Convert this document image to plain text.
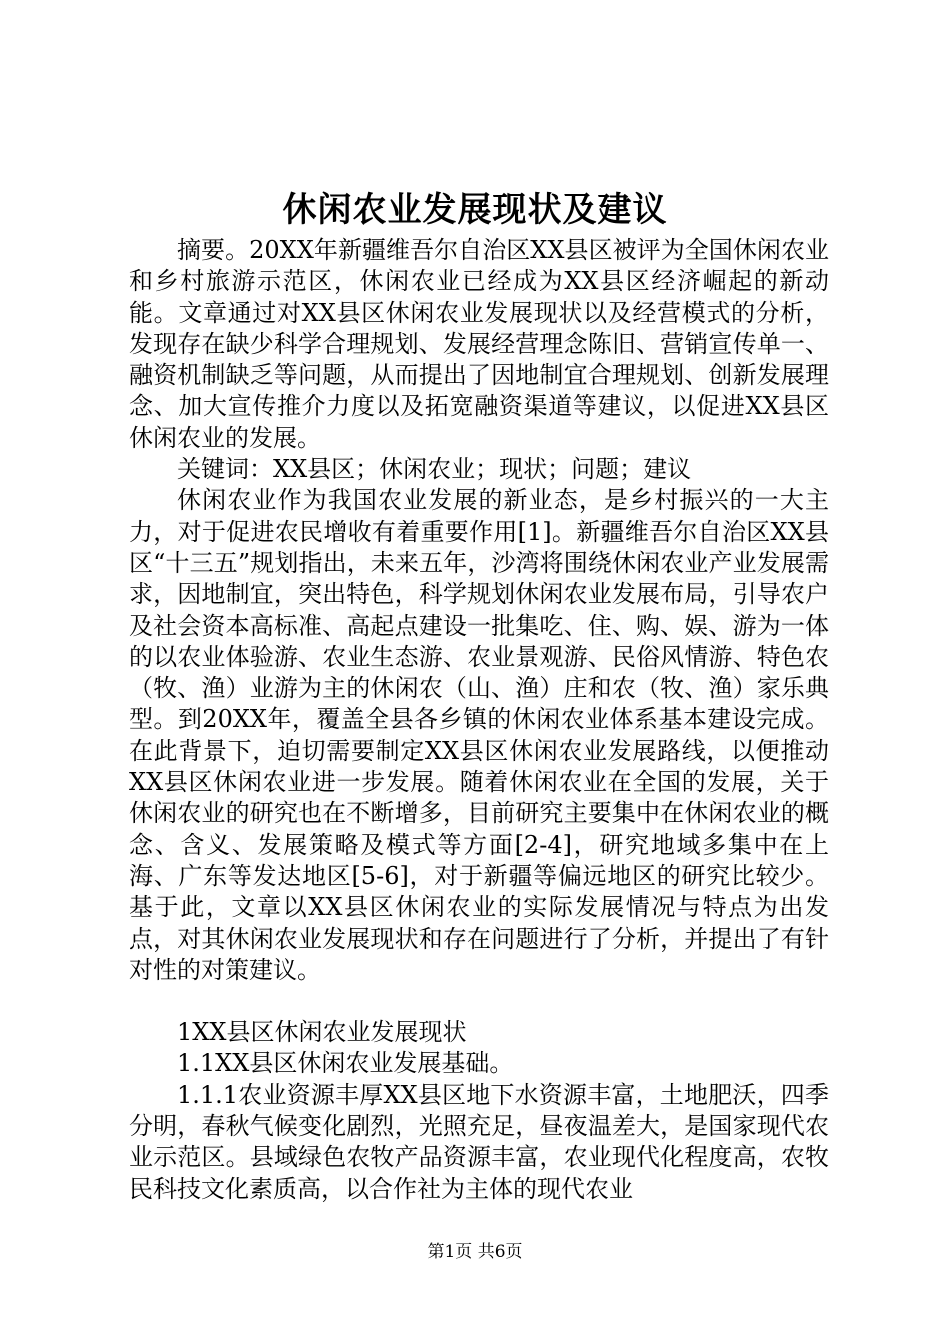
休闲农业发展现状及建议

摘要。20XX年新疆维吾尔自治区XX县区被评为全国休闲农业和乡村旅游示范区，休闲农业已经成为XX县区经济崛起的新动能。文章通过对XX县区休闲农业发展现状以及经营模式的分析，发现存在缺少科学合理规划、发展经营理念陈旧、营销宣传单一、融资机制缺乏等问题，从而提出了因地制宜合理规划、创新发展理念、加大宣传推介力度以及拓宽融资渠道等建议，以促进XX县区休闲农业的发展。

关键词：XX县区；休闲农业；现状；问题；建议

休闲农业作为我国农业发展的新业态，是乡村振兴的一大主力，对于促进农民增收有着重要作用[1]。新疆维吾尔自治区XX县区“十三五”规划指出，未来五年，沙湾将围绕休闲农业产业发展需求，因地制宜，突出特色，科学规划休闲农业发展布局，引导农户及社会资本高标准、高起点建设一批集吃、住、购、娱、游为一体的以农业体验游、农业生态游、农业景观游、民俗风情游、特色农（牧、渔）业游为主的休闲农（山、渔）庄和农（牧、渔）家乐典型。到20XX年，覆盖全县各乡镇的休闲农业体系基本建设完成。在此背景下，迫切需要制定XX县区休闲农业发展路线，以便推动XX县区休闲农业进一步发展。随着休闲农业在全国的发展，关于休闲农业的研究也在不断增多，目前研究主要集中在休闲农业的概念、含义、发展策略及模式等方面[2-4]，研究地域多集中在上海、广东等发达地区[5-6]，对于新疆等偏远地区的研究比较少。基于此，文章以XX县区休闲农业的实际发展情况与特点为出发点，对其休闲农业发展现状和存在问题进行了分析，并提出了有针对性的对策建议。

1XX县区休闲农业发展现状

1.1XX县区休闲农业发展基础。

1.1.1农业资源丰厚XX县区地下水资源丰富，土地肥沃，四季分明，春秋气候变化剧烈，光照充足，昼夜温差大，是国家现代农业示范区。县域绿色农牧产品资源丰富，农业现代化程度高，农牧民科技文化素质高，以合作社为主体的现代农业

第1页 共6页
